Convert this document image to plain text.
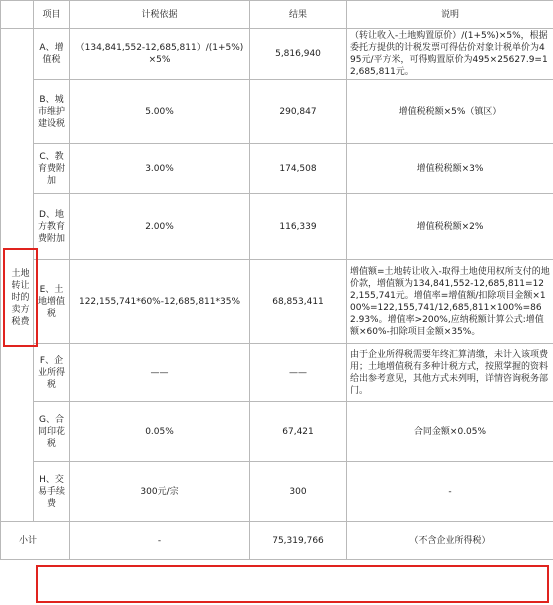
	项目	计税依据	结果	说明
	A、增值税	（134,841,552-12,685,811）/(1+5%)×5%	5,816,940	（转让收入-土地购置原价）/(1+5%)×5%，根据委托方提供的计税发票可得估价对象计税单价为495元/平方米，可得购置原价为495×25627.9=12,685,811元。
	B、城市维护建设税	5.00%	290,847	增值税税额×5%（镇区）
	C、教育费附加	3.00%	174,508	增值税税额×3%
	D、地方教育费附加	2.00%	116,339	增值税税额×2%
	E、土地增值税	122,155,741*60%-12,685,811*35%	68,853,411	增值额=土地转让收入-取得土地使用权所支付的地价款，增值额为134,841,552-12,685,811=122,155,741元。增值率=增值额/扣除项目金额×100%=122,155,741/12,685,811×100%=862.93%。增值率>200%,应纳税额计算公式:增值额×60%-扣除项目金额×35%。
	F、企业所得税	——	——	由于企业所得税需要年终汇算清缴，未计入该项费用；土地增值税有多种计税方式，按照掌握的资料给出参考意见，其他方式未列明，详情咨询税务部门。
	G、合同印花税	0.05%	67,421	合同金额×0.05%
	H、交易手续费	300元/宗	300	-
小计		-	75,319,766	（不含企业所得税）
土地转让时的卖方税费
